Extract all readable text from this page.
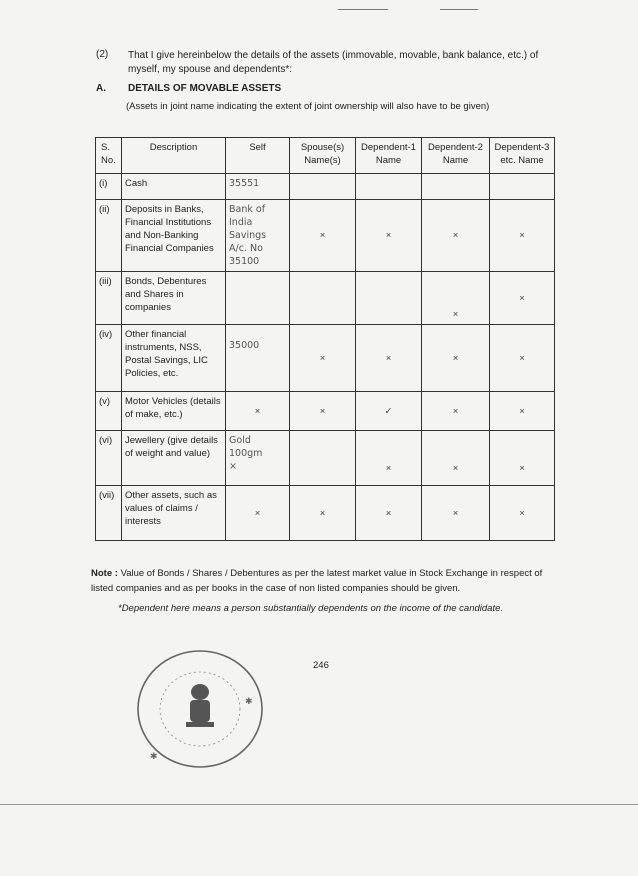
(2) That I give hereinbelow the details of the assets (immovable, movable, bank balance, etc.) of myself, my spouse and dependents*:
A. DETAILS OF MOVABLE ASSETS
(Assets in joint name indicating the extent of joint ownership will also have to be given)
S. No.	Description	Self	Spouse(s) Name(s)	Dependent-1 Name	Dependent-2 Name	Dependent-3 etc. Name
(i)	Cash	35551				
(ii)	Deposits in Banks, Financial Institutions and Non-Banking Financial Companies	Bank of
India Savings
A/c. No
35100	×	×	×	×
(iii)	Bonds, Debentures and Shares in companies				×	×
(iv)	Other financial instruments, NSS, Postal Savings, LIC Policies, etc.	35000	×	×	×	×
(v)	Motor Vehicles (details of make, etc.)	×	×	✓	×	×
(vi)	Jewellery (give details of weight and value)	Gold 100gm
×		×	×	×
(vii)	Other assets, such as values of claims / interests	×	×	×	×	×
Note : Value of Bonds / Shares / Debentures as per the latest market value in Stock Exchange in respect of listed companies and as per books in the case of non listed companies should be given.
*Dependent here means a person substantially dependents on the income of the candidate.
246
✱
✱
